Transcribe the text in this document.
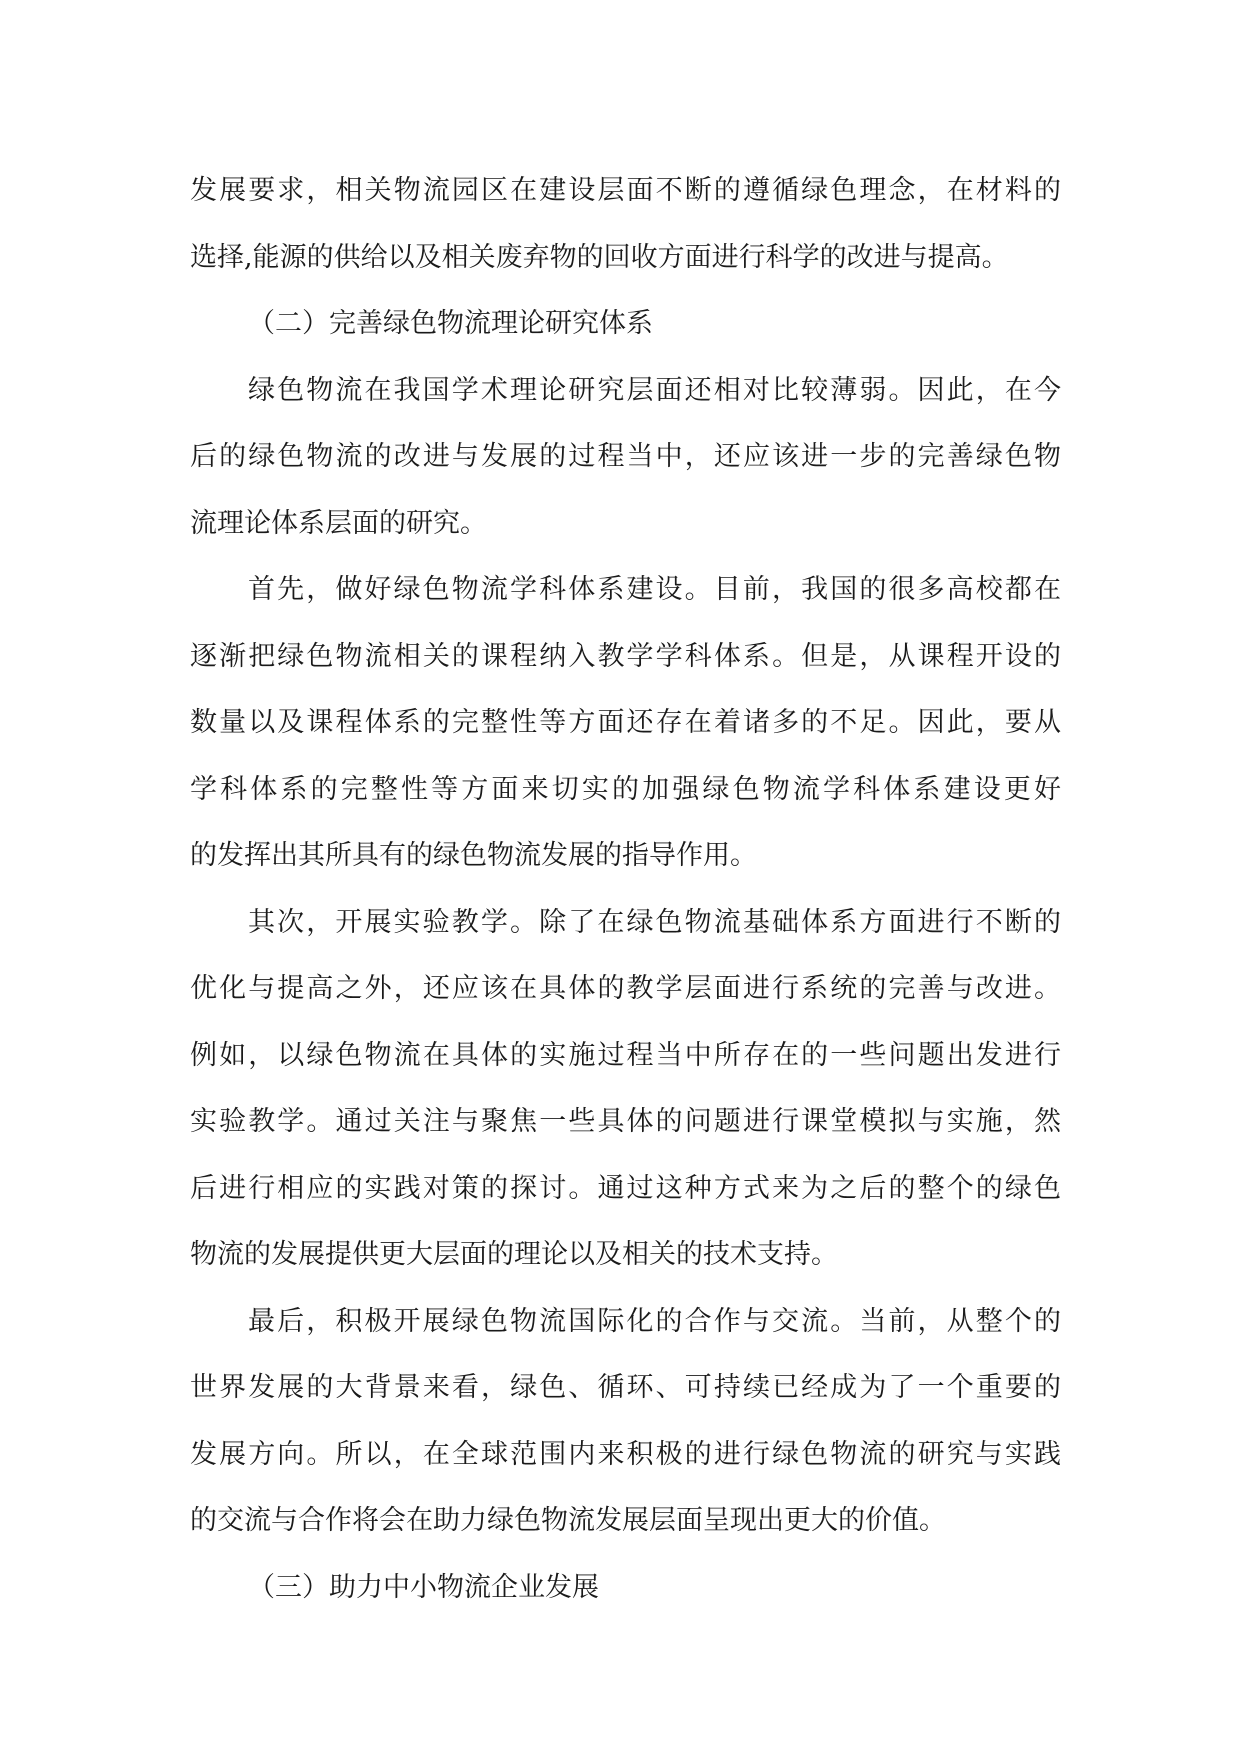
发展要求，相关物流园区在建设层面不断的遵循绿色理念，在材料的
选择,能源的供给以及相关废弃物的回收方面进行科学的改进与提高。
（二）完善绿色物流理论研究体系
绿色物流在我国学术理论研究层面还相对比较薄弱。因此，在今
后的绿色物流的改进与发展的过程当中，还应该进一步的完善绿色物
流理论体系层面的研究。
首先，做好绿色物流学科体系建设。目前，我国的很多高校都在
逐渐把绿色物流相关的课程纳入教学学科体系。但是，从课程开设的
数量以及课程体系的完整性等方面还存在着诸多的不足。因此，要从
学科体系的完整性等方面来切实的加强绿色物流学科体系建设更好
的发挥出其所具有的绿色物流发展的指导作用。
其次，开展实验教学。除了在绿色物流基础体系方面进行不断的
优化与提高之外，还应该在具体的教学层面进行系统的完善与改进。
例如，以绿色物流在具体的实施过程当中所存在的一些问题出发进行
实验教学。通过关注与聚焦一些具体的问题进行课堂模拟与实施，然
后进行相应的实践对策的探讨。通过这种方式来为之后的整个的绿色
物流的发展提供更大层面的理论以及相关的技术支持。
最后，积极开展绿色物流国际化的合作与交流。当前，从整个的
世界发展的大背景来看，绿色、循环、可持续已经成为了一个重要的
发展方向。所以，在全球范围内来积极的进行绿色物流的研究与实践
的交流与合作将会在助力绿色物流发展层面呈现出更大的价值。
（三）助力中小物流企业发展
